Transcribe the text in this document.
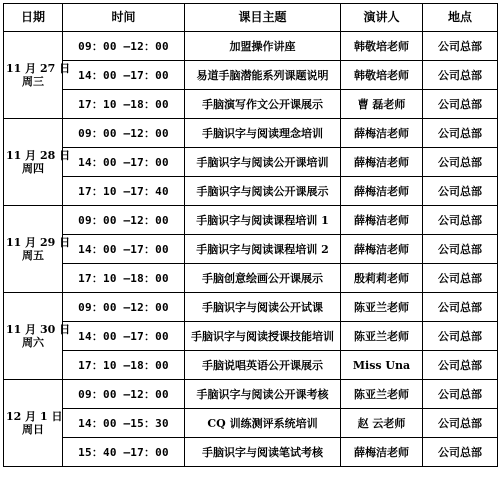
日期	时间	课目主题	演讲人	地点

11 月 27 日
周三	09：00 —12：00	加盟操作讲座	韩敬培老师	公司总部
	14：00 —17：00	易道手脑潜能系列课题说明	韩敬培老师	公司总部
	17：10 —18：00	手脑演写作文公开课展示	曹 磊老师	公司总部

11 月 28 日
周四	09：00 —12：00	手脑识字与阅读理念培训	薛梅洁老师	公司总部
	14：00 —17：00	手脑识字与阅读公开课培训	薛梅洁老师	公司总部
	17：10 —17：40	手脑识字与阅读公开课展示	薛梅洁老师	公司总部

11 月 29 日
周五	09：00 —12：00	手脑识字与阅读课程培训 1	薛梅洁老师	公司总部
	14：00 —17：00	手脑识字与阅读课程培训 2	薛梅洁老师	公司总部
	17：10 —18：00	手脑创意绘画公开课展示	殷莉莉老师	公司总部

11 月 30 日
周六	09：00 —12：00	手脑识字与阅读公开试课	陈亚兰老师	公司总部
	14：00 —17：00	手脑识字与阅读授课技能培训	陈亚兰老师	公司总部
	17：10 —18：00	手脑说唱英语公开课展示	Miss Una	公司总部

12 月 1 日
周日	09：00 —12：00	手脑识字与阅读公开课考核	陈亚兰老师	公司总部
	14：00 —15：30	CQ 训练测评系统培训	赵 云老师	公司总部
	15：40 —17：00	手脑识字与阅读笔试考核	薛梅洁老师	公司总部
